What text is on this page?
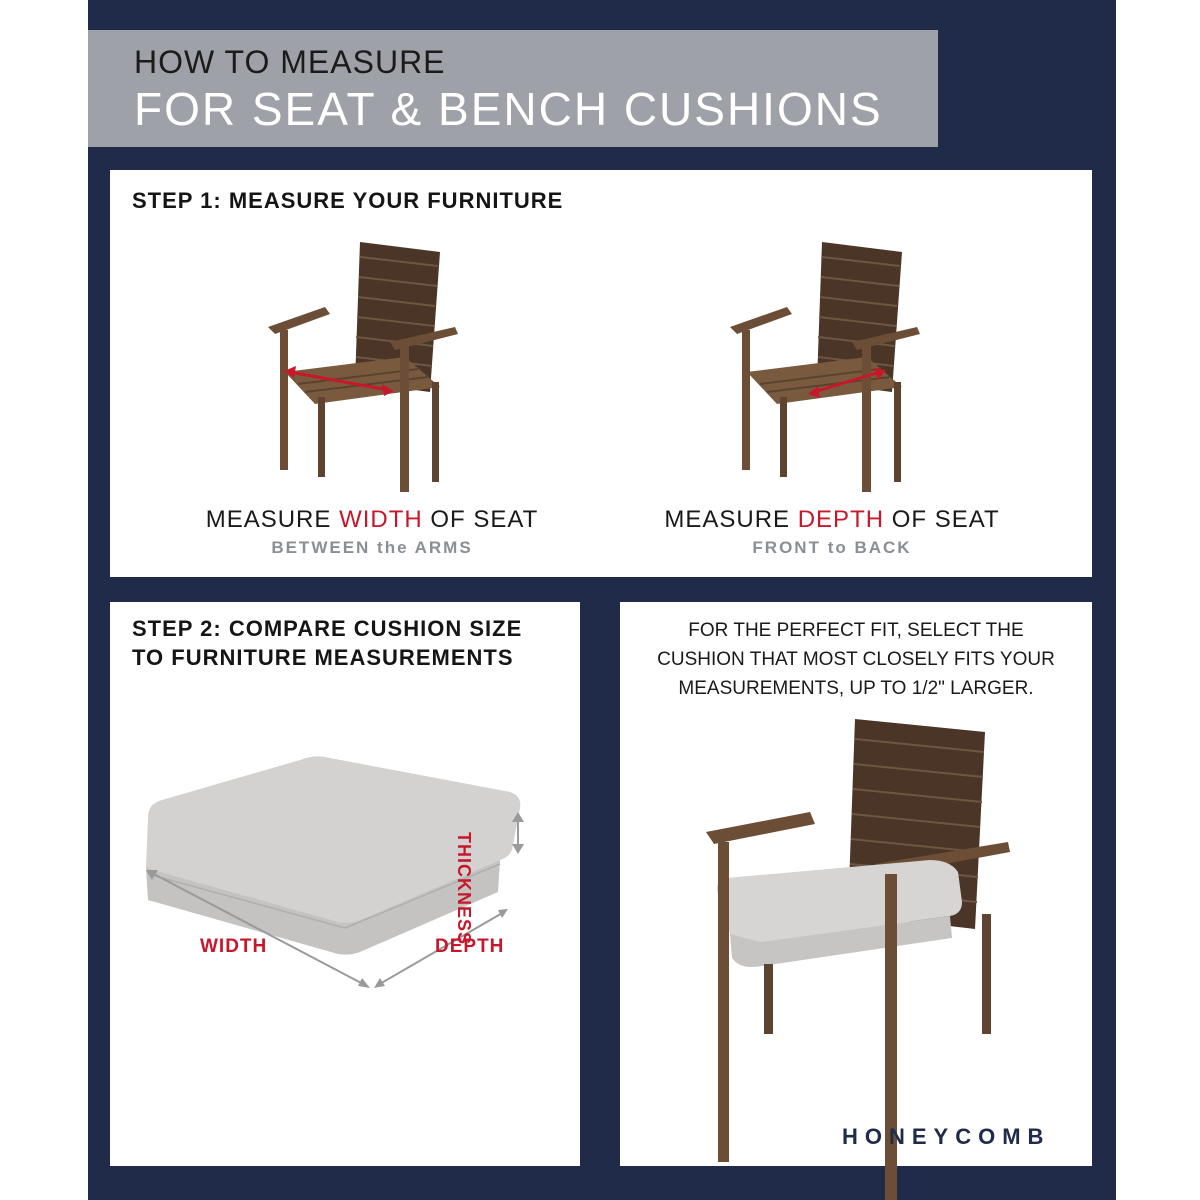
HOW TO MEASURE
FOR SEAT & BENCH CUSHIONS
STEP 1: MEASURE YOUR FURNITURE
MEASURE WIDTH OF SEAT
BETWEEN the ARMS
MEASURE DEPTH OF SEAT
FRONT to BACK
STEP 2: COMPARE CUSHION SIZE
TO FURNITURE MEASUREMENTS
WIDTH	DEPTH
THICKNESS
FOR THE PERFECT FIT, SELECT THE
CUSHION THAT MOST CLOSELY FITS YOUR
MEASUREMENTS, UP TO 1/2" LARGER.
HONEYCOMB
